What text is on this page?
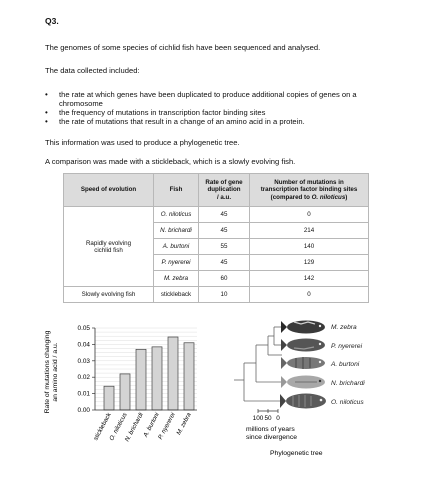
Q3.
The genomes of some species of cichlid fish have been sequenced and analysed.
The data collected included:
• the rate at which genes have been duplicated to produce additional copies of genes on a chromosome
• the frequency of mutations in transcription factor binding sites
• the rate of mutations that result in a change of an amino acid in a protein.
This information was used to produce a phylogenetic tree.
A comparison was made with a stickleback, which is a slowly evolving fish.
Speed of evolution	Fish	Rate of gene
duplication
/ a.u.	Number of mutations in
transcription factor binding sites
(compared to O. niloticus)
Rapidly evolving
cichlid fish	O. niloticus	45	0
	N. brichardi	45	214
	A. burtoni	55	140
	P. nyererei	45	129
	M. zebra	60	142
Slowly evolving fish	stickleback	10	0
Rate of mutations changing an amino acid / a.u.
0.00
0.01
0.02
0.03
0.04
0.05
stickleback
O. niloticus
N. brichardi
A. burtoni
P. nyererei
M. zebra
M. zebra
P. nyererei
A. burtoni
N. brichardi
O. niloticus
100 50 0
millions of years
since divergence
Phylogenetic tree
